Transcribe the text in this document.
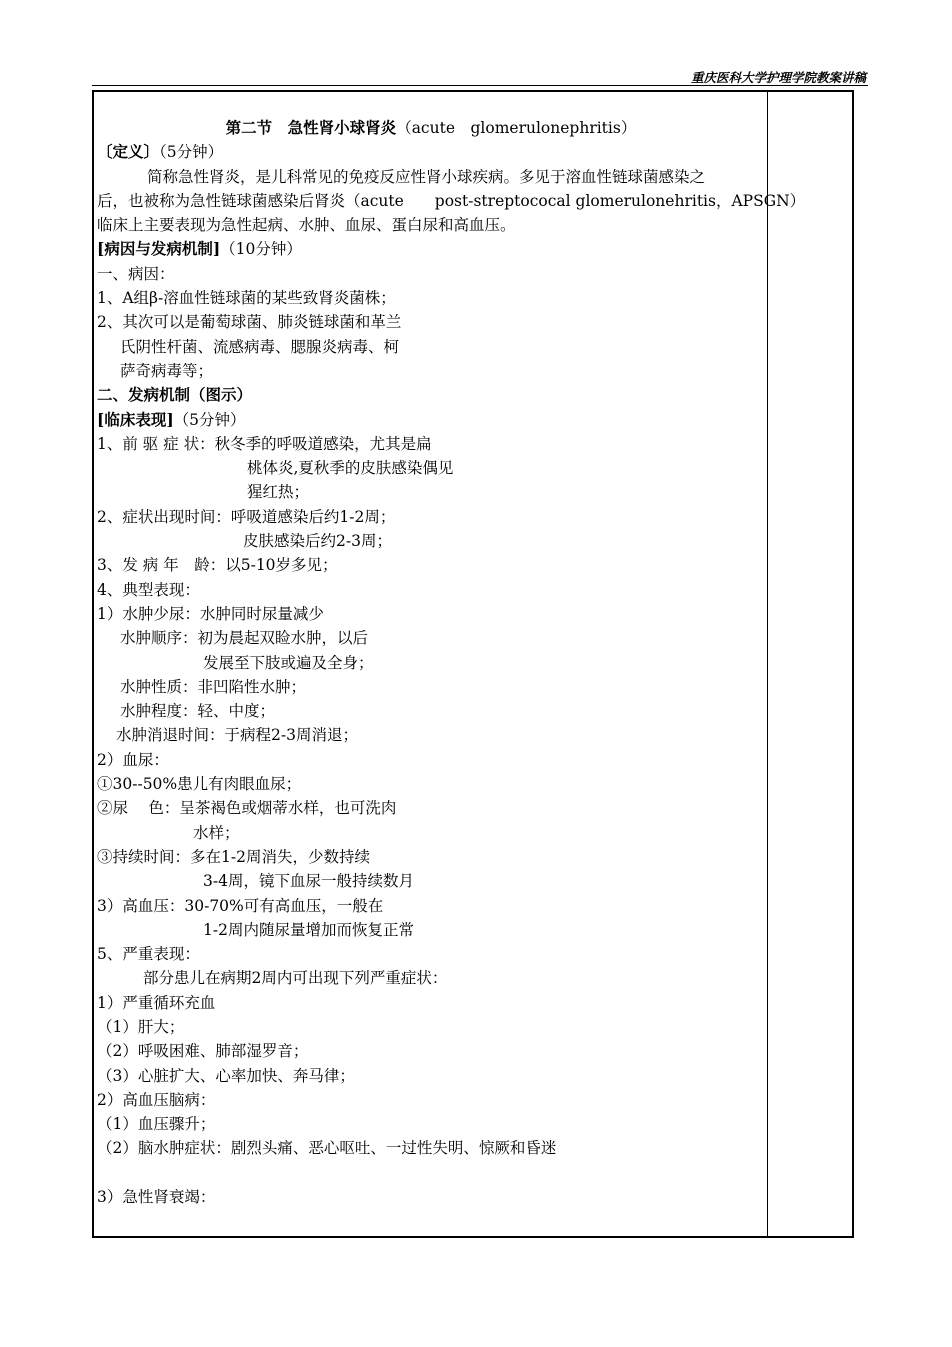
重庆医科大学护理学院教案讲稿
第二节　急性肾小球肾炎（acute　glomerulonephritis）
〔定义〕（5分钟）
简称急性肾炎，是儿科常见的免疫反应性肾小球疾病。多见于溶血性链球菌感染之
后，也被称为急性链球菌感染后肾炎（acute　　post-streptococal glomerulonehritis，APSGN）
临床上主要表现为急性起病、水肿、血尿、蛋白尿和高血压。
[病因与发病机制]（10分钟）
一、病因：
1、A组β-溶血性链球菌的某些致肾炎菌株；
2、其次可以是葡萄球菌、肺炎链球菌和革兰
氏阴性杆菌、流感病毒、腮腺炎病毒、柯
萨奇病毒等；
二、发病机制（图示）
[临床表现]（5分钟）
1、前 驱 症 状：秋冬季的呼吸道感染，尤其是扁
桃体炎,夏秋季的皮肤感染偶见
猩红热；
2、症状出现时间：呼吸道感染后约1-2周；
皮肤感染后约2-3周；
3、发 病 年　龄：以5-10岁多见；
4、典型表现：
1）水肿少尿：水肿同时尿量减少
水肿顺序：初为晨起双睑水肿，以后
发展至下肢或遍及全身；
水肿性质：非凹陷性水肿；
水肿程度：轻、中度；
水肿消退时间：于病程2-3周消退；
2）血尿：
①30--50%患儿有肉眼血尿；
②尿　 色：呈茶褐色或烟蒂水样，也可洗肉
水样；
③持续时间：多在1-2周消失，少数持续
3-4周，镜下血尿一般持续数月
3）高血压：30-70%可有高血压，一般在
1-2周内随尿量增加而恢复正常
5、严重表现：
部分患儿在病期2周内可出现下列严重症状：
1）严重循环充血
（1）肝大；
（2）呼吸困难、肺部湿罗音；
（3）心脏扩大、心率加快、奔马律；
2）高血压脑病：
（1）血压骤升；
（2）脑水肿症状：剧烈头痛、恶心呕吐、一过性失明、惊厥和昏迷
3）急性肾衰竭：
